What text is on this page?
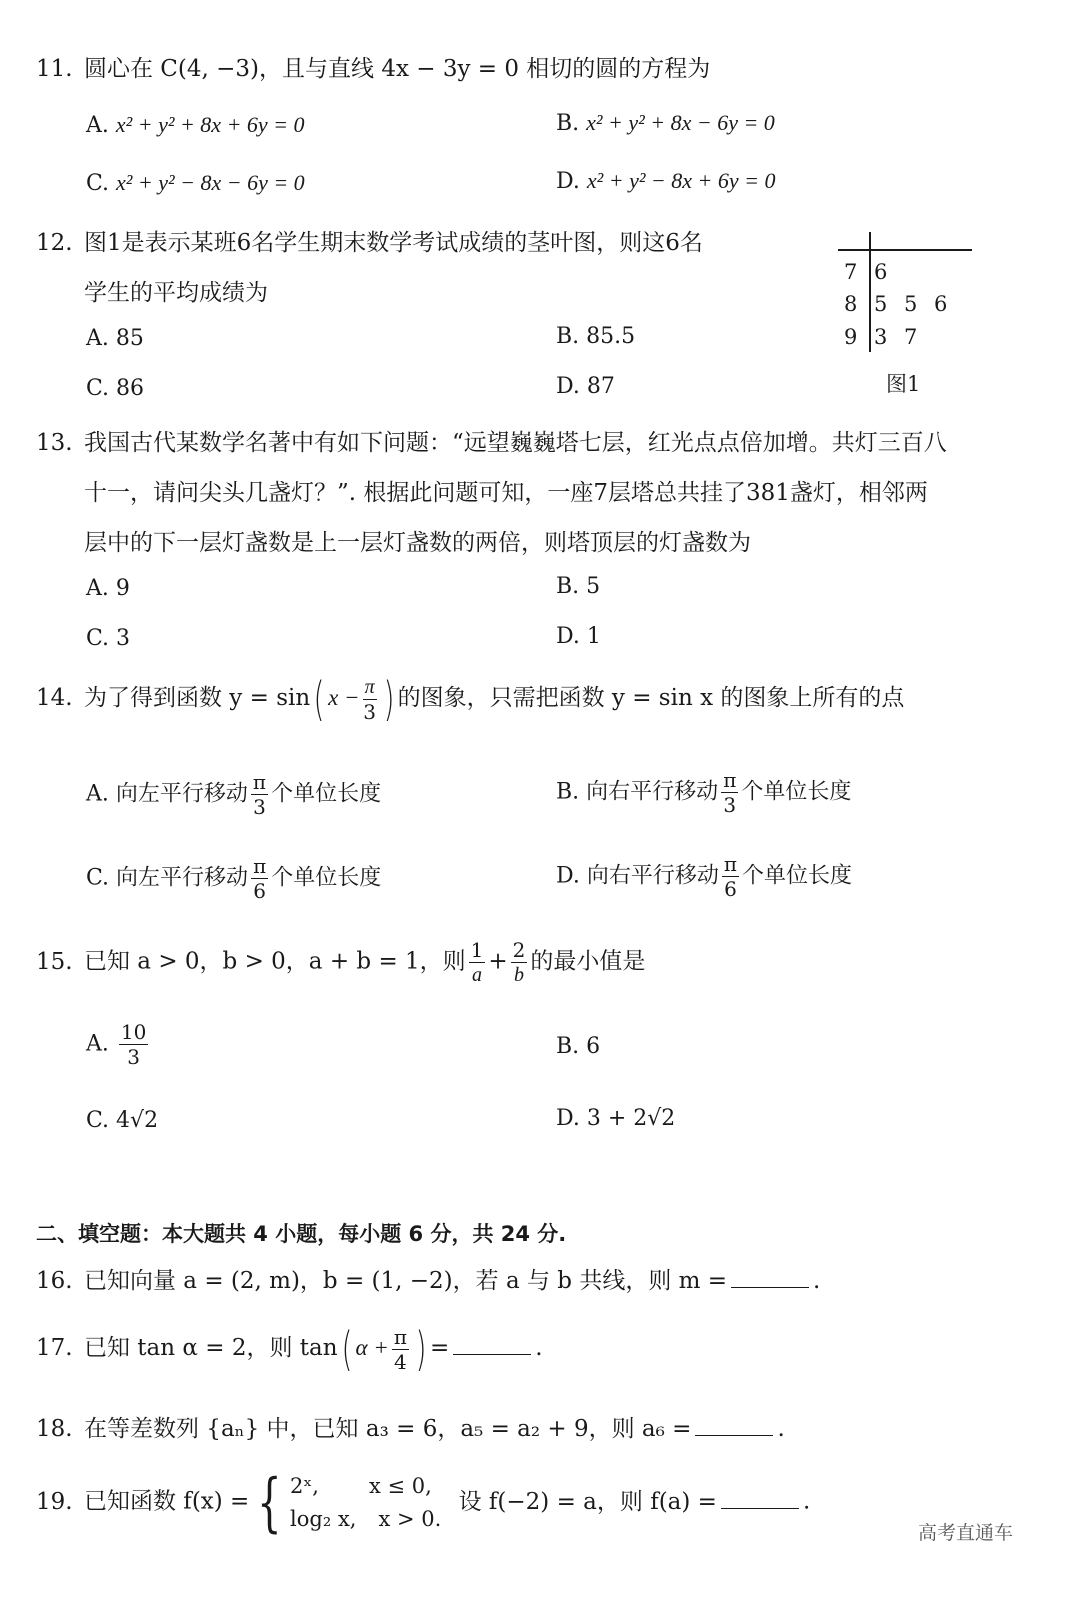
11. 圆心在 C(4, −3)，且与直线 4x − 3y = 0 相切的圆的方程为
A. x² + y² + 8x + 6y = 0	B. x² + y² + 8x − 6y = 0
C. x² + y² − 8x − 6y = 0	D. x² + y² − 8x + 6y = 0
12. 图1是表示某班6名学生期末数学考试成绩的茎叶图，则这6名
学生的平均成绩为
A. 85	B. 85.5
C. 86	D. 87
7 6
8 5 5 6
9 3 7
图1
13. 我国古代某数学名著中有如下问题：“远望巍巍塔七层，红光点点倍加增。共灯三百八
十一，请问尖头几盏灯？”. 根据此问题可知，一座7层塔总共挂了381盏灯，相邻两
层中的下一层灯盏数是上一层灯盏数的两倍，则塔顶层的灯盏数为
A. 9	B. 5
C. 3	D. 1
14. 为了得到函数 y = sin( $x - \frac{\pi}{3}$ ) 的图象，只需把函数 y = sin x 的图象上所有的点
A. 向左平行移动 $\frac{\pi}{3}$ 个单位长度	B. 向右平行移动 $\frac{\pi}{3}$ 个单位长度
C. 向左平行移动 $\frac{\pi}{6}$ 个单位长度	D. 向右平行移动 $\frac{\pi}{6}$ 个单位长度
15. 已知 a > 0，b > 0，a + b = 1，则 $\frac{1}{a} + \frac{2}{b}$ 的最小值是
A. $\frac{10}{3}$	B. 6
C. 4√2	D. 3 + 2√2
二、填空题：本大题共 4 小题，每小题 6 分，共 24 分.
16. 已知向量 a = (2, m)，b = (1, −2)，若 a 与 b 共线，则 m =	.
17. 已知 tan α = 2，则 tan( $\alpha + \frac{\pi}{4}$ ) =	.
18. 在等差数列 {aₙ} 中，已知 a₃ = 6，a₅ = a₂ + 9，则 a₆ =	.
19. 已知函数 f(x) = { 2ˣ, x ≤ 0,
log₂ x, x > 0.
设 f(−2) = a，则 f(a) =	.
高考直通车
